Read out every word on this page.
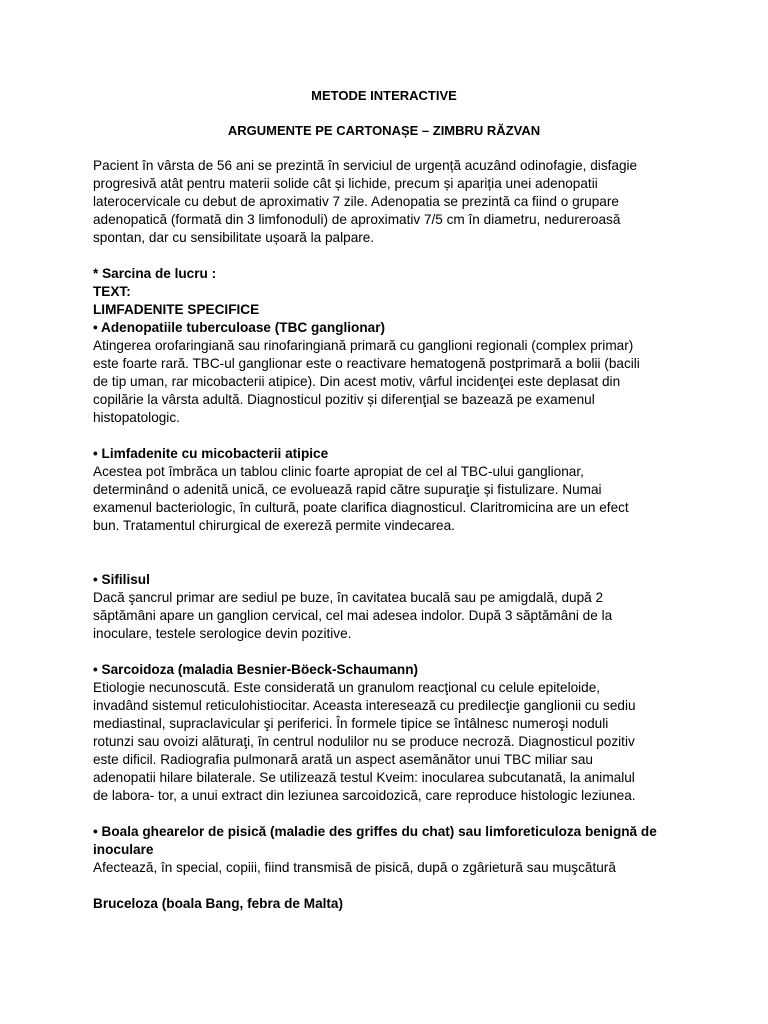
METODE INTERACTIVE
ARGUMENTE PE CARTONAȘE – ZIMBRU RĂZVAN
Pacient în vârsta de 56 ani se prezintă în serviciul de urgență acuzând odinofagie, disfagie
progresivă atât pentru materii solide cât și lichide, precum și apariția unei adenopatii
laterocervicale cu debut de aproximativ 7 zile. Adenopatia se prezintă ca fiind o grupare
adenopatică (formată din 3 limfonoduli) de aproximativ 7/5 cm în diametru, nedureroasă
spontan, dar cu sensibilitate ușoară la palpare.
* Sarcina de lucru :
TEXT:
LIMFADENITE SPECIFICE
• Adenopatiile tuberculoase (TBC ganglionar)
Atingerea orofaringiană sau rinofaringiană primară cu ganglioni regionali (complex primar)
este foarte rară. TBC-ul ganglionar este o reactivare hematogenă postprimară a bolii (bacili
de tip uman, rar micobacterii atipice). Din acest motiv, vârful incidenţei este deplasat din
copilărie la vârsta adultă. Diagnosticul pozitiv și diferenţial se bazează pe examenul
histopatologic.
• Limfadenite cu micobacterii atipice
Acestea pot îmbrăca un tablou clinic foarte apropiat de cel al TBC-ului ganglionar,
determinând o adenită unică, ce evoluează rapid către supuraţie și fistulizare. Numai
examenul bacteriologic, în cultură, poate clarifica diagnosticul. Claritromicina are un efect
bun. Tratamentul chirurgical de exereză permite vindecarea.
• Sifilisul
Dacă şancrul primar are sediul pe buze, în cavitatea bucală sau pe amigdală, după 2
săptămâni apare un ganglion cervical, cel mai adesea indolor. După 3 săptămâni de la
inoculare, testele serologice devin pozitive.
• Sarcoidoza (maladia Besnier-Böeck-Schaumann)
Etiologie necunoscută. Este considerată un granulom reacţional cu celule epiteloide,
invadând sistemul reticulohistiocitar. Aceasta interesează cu predilecţie ganglionii cu sediu
mediastinal, supraclavicular şi periferici. În formele tipice se întâlnesc numeroşi noduli
rotunzi sau ovoizi alăturaţi, în centrul nodulilor nu se produce necroză. Diagnosticul pozitiv
este dificil. Radiografia pulmonară arată un aspect asemănător unui TBC miliar sau
adenopatii hilare bilaterale. Se utilizează testul Kveim: inocularea subcutanată, la animalul
de labora- tor, a unui extract din leziunea sarcoidozică, care reproduce histologic leziunea.
• Boala ghearelor de pisică (maladie des griffes du chat) sau limforeticuloza benignă de
inoculare
Afectează, în special, copiii, fiind transmisă de pisică, după o zgârietură sau muşcătură
Bruceloza (boala Bang, febra de Malta)
